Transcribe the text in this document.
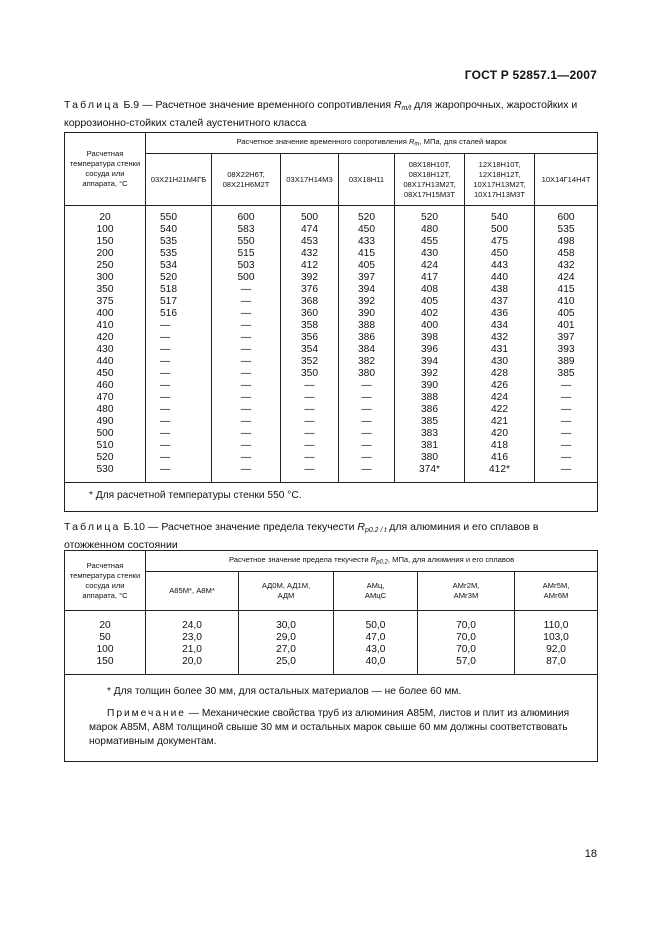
ГОСТ Р 52857.1—2007
Таблица Б.9 — Расчетное значение временного сопротивления $R_{m/t}$ для жаропрочных, жаростойких и коррозионно-стойких сталей аустенитного класса
Расчетная температура стенки сосуда или аппарата, °C	Расчетное значение временного сопротивления Rm, МПа, для сталей марок						
	03Х21Н21М4ГБ	08Х22Н6Т, 08Х21Н6М2Т	03Х17Н14М3	03Х18Н11	08Х18Н10Т, 08Х18Н12Т, 08Х17Н13М2Т, 08Х17Н15М3Т	12Х18Н10Т, 12Х18Н12Т, 10Х17Н13М2Т, 10Х17Н13М3Т	10Х14Г14Н4Т

20	550	600	500	520	520	540	600
100	540	583	474	450	480	500	535
150	535	550	453	433	455	475	498
200	535	515	432	415	430	450	458
250	534	503	412	405	424	443	432
300	520	500	392	397	417	440	424
350	518	—	376	394	408	438	415
375	517	—	368	392	405	437	410
400	516	—	360	390	402	436	405
410	—	—	358	388	400	434	401
420	—	—	356	386	398	432	397
430	—	—	354	384	396	431	393
440	—	—	352	382	394	430	389
450	—	—	350	380	392	428	385
460	—	—	—	—	390	426	—
470	—	—	—	—	388	424	—
480	—	—	—	—	386	422	—
490	—	—	—	—	385	421	—
500	—	—	—	—	383	420	—
510	—	—	—	—	381	418	—
520	—	—	—	—	380	416	—
530	—	—	—	—	374*	412*	—

* Для расчетной температуры стенки 550 °С.							

Таблица Б.10 — Расчетное значение предела текучести $R_{p0.2 / t}$ для алюминия и его сплавов в отожженном состоянии
Расчетная температура стенки сосуда или аппарата, °C	Расчетное значение предела текучести Rp0,2, МПа, для алюминия и его сплавов				
	А85М*, А8М*	АД0М, АД1М, АДМ	АМц, АМцС	АМг2М, АМг3М	АМг5М, АМг6М

20	24,0	30,0	50,0	70,0	110,0
50	23,0	29,0	47,0	70,0	103,0
100	21,0	27,0	43,0	70,0	92,0
150	20,0	25,0	40,0	57,0	87,0

* Для толщин более 30 мм, для остальных материалов — не более 60 мм.

Примечание — Механические свойства труб из алюминия А85М, листов и плит из алюминия марок А85М, А8М толщиной свыше 30 мм и остальных марок свыше 60 мм должны соответствовать нормативным документам.					

18
